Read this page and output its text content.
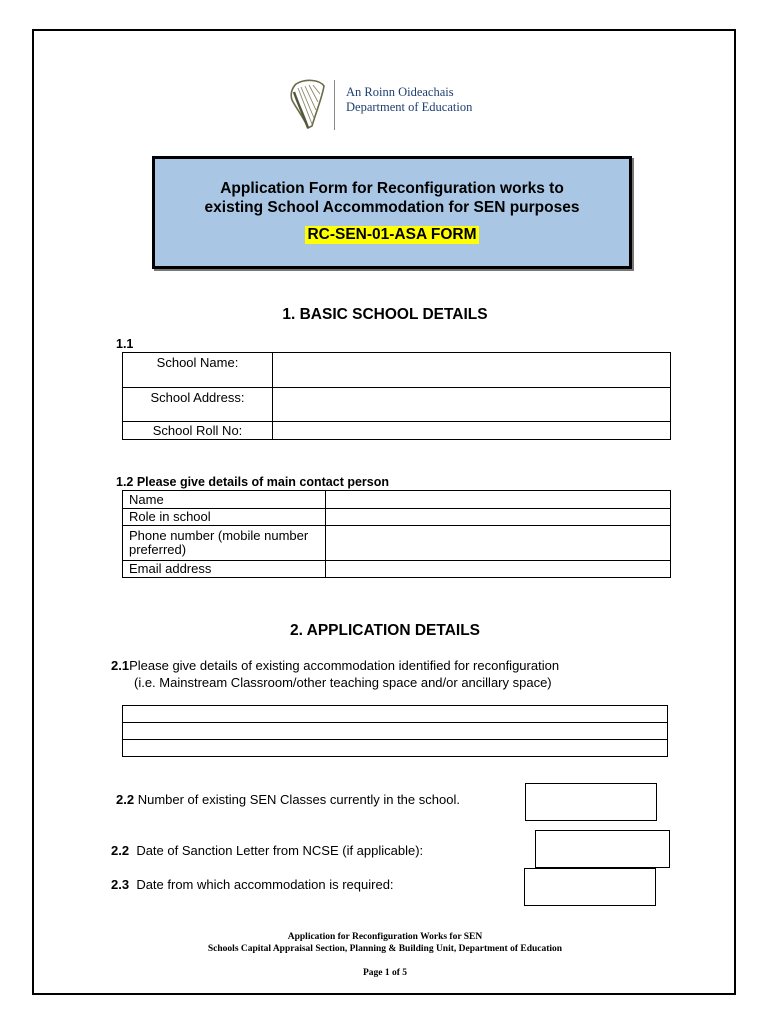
An Roinn Oideachais
Department of Education
Application Form for Reconfiguration works to
existing School Accommodation for SEN purposes
RC-SEN-01-ASA FORM
1. BASIC SCHOOL DETAILS
1.1
School Name:	
School Address:	
School Roll No:	
1.2 Please give details of main contact person
Name	
Role in school	
Phone number (mobile number preferred)	
Email address	
2. APPLICATION DETAILS
2.1Please give details of existing accommodation identified for reconfiguration
(i.e. Mainstream Classroom/other teaching space and/or ancillary space)

2.2 Number of existing SEN Classes currently in the school.
2.2 Date of Sanction Letter from NCSE (if applicable):
2.3 Date from which accommodation is required:
Application for Reconfiguration Works for SEN
Schools Capital Appraisal Section, Planning & Building Unit, Department of Education
Page 1 of 5
